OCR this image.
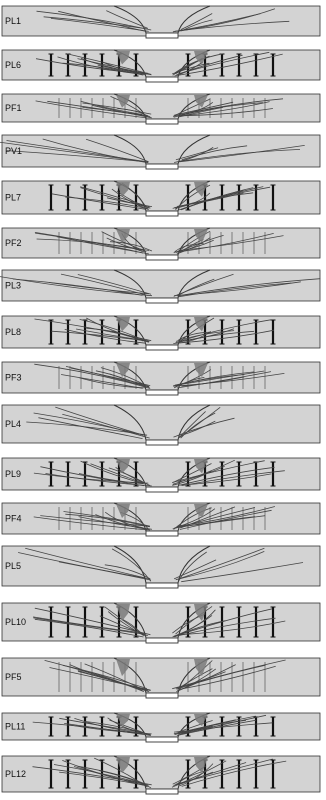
PL1
PL6
PF1
PV1
PL7
PF2
PL3
PL8
PF3
PL4
PL9
PF4
PL5
PL10
PF5
PL11
PL12
